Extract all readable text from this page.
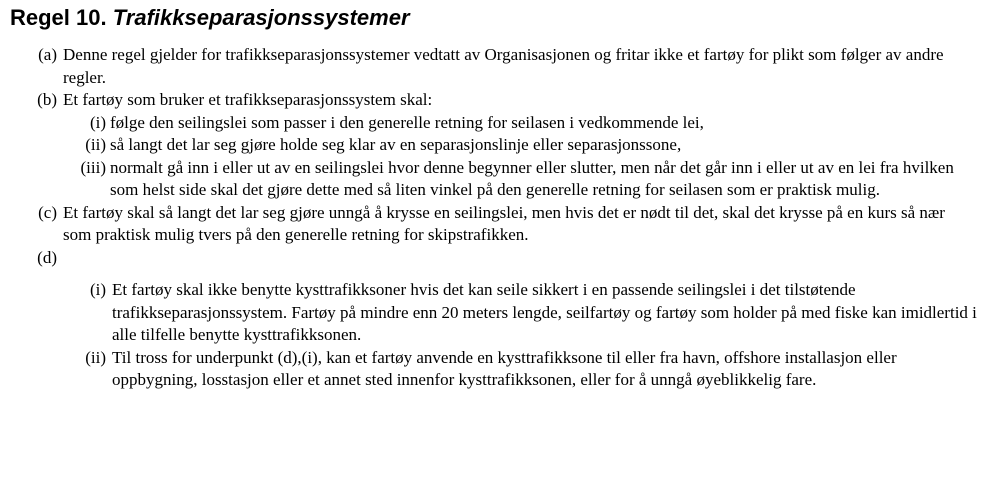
Regel 10. Trafikkseparasjonssystemer
(a) Denne regel gjelder for trafikkseparasjonssystemer vedtatt av Organisasjonen og fritar ikke et fartøy for plikt som følger av andre regler.
(b) Et fartøy som bruker et trafikkseparasjonssystem skal:
(i) følge den seilingslei som passer i den generelle retning for seilasen i vedkommende lei,
(ii) så langt det lar seg gjøre holde seg klar av en separasjonslinje eller separasjonssone,
(iii) normalt gå inn i eller ut av en seilingslei hvor denne begynner eller slutter, men når det går inn i eller ut av en lei fra hvilken som helst side skal det gjøre dette med så liten vinkel på den generelle retning for seilasen som er praktisk mulig.
(c) Et fartøy skal så langt det lar seg gjøre unngå å krysse en seilingslei, men hvis det er nødt til det, skal det krysse på en kurs så nær som praktisk mulig tvers på den generelle retning for skipstrafikken.
(d)

(i) Et fartøy skal ikke benytte kysttrafikksoner hvis det kan seile sikkert i en passende seilingslei i det tilstøtende trafikkseparasjonssystem. Fartøy på mindre enn 20 meters lengde, seilfartøy og fartøy som holder på med fiske kan imidlertid i alle tilfelle benytte kysttrafikksonen.
(ii) Til tross for underpunkt (d),(i), kan et fartøy anvende en kysttrafikksone til eller fra havn, offshore installasjon eller oppbygning, losstasjon eller et annet sted innenfor kysttrafikksonen, eller for å unngå øyeblikkelig fare.
